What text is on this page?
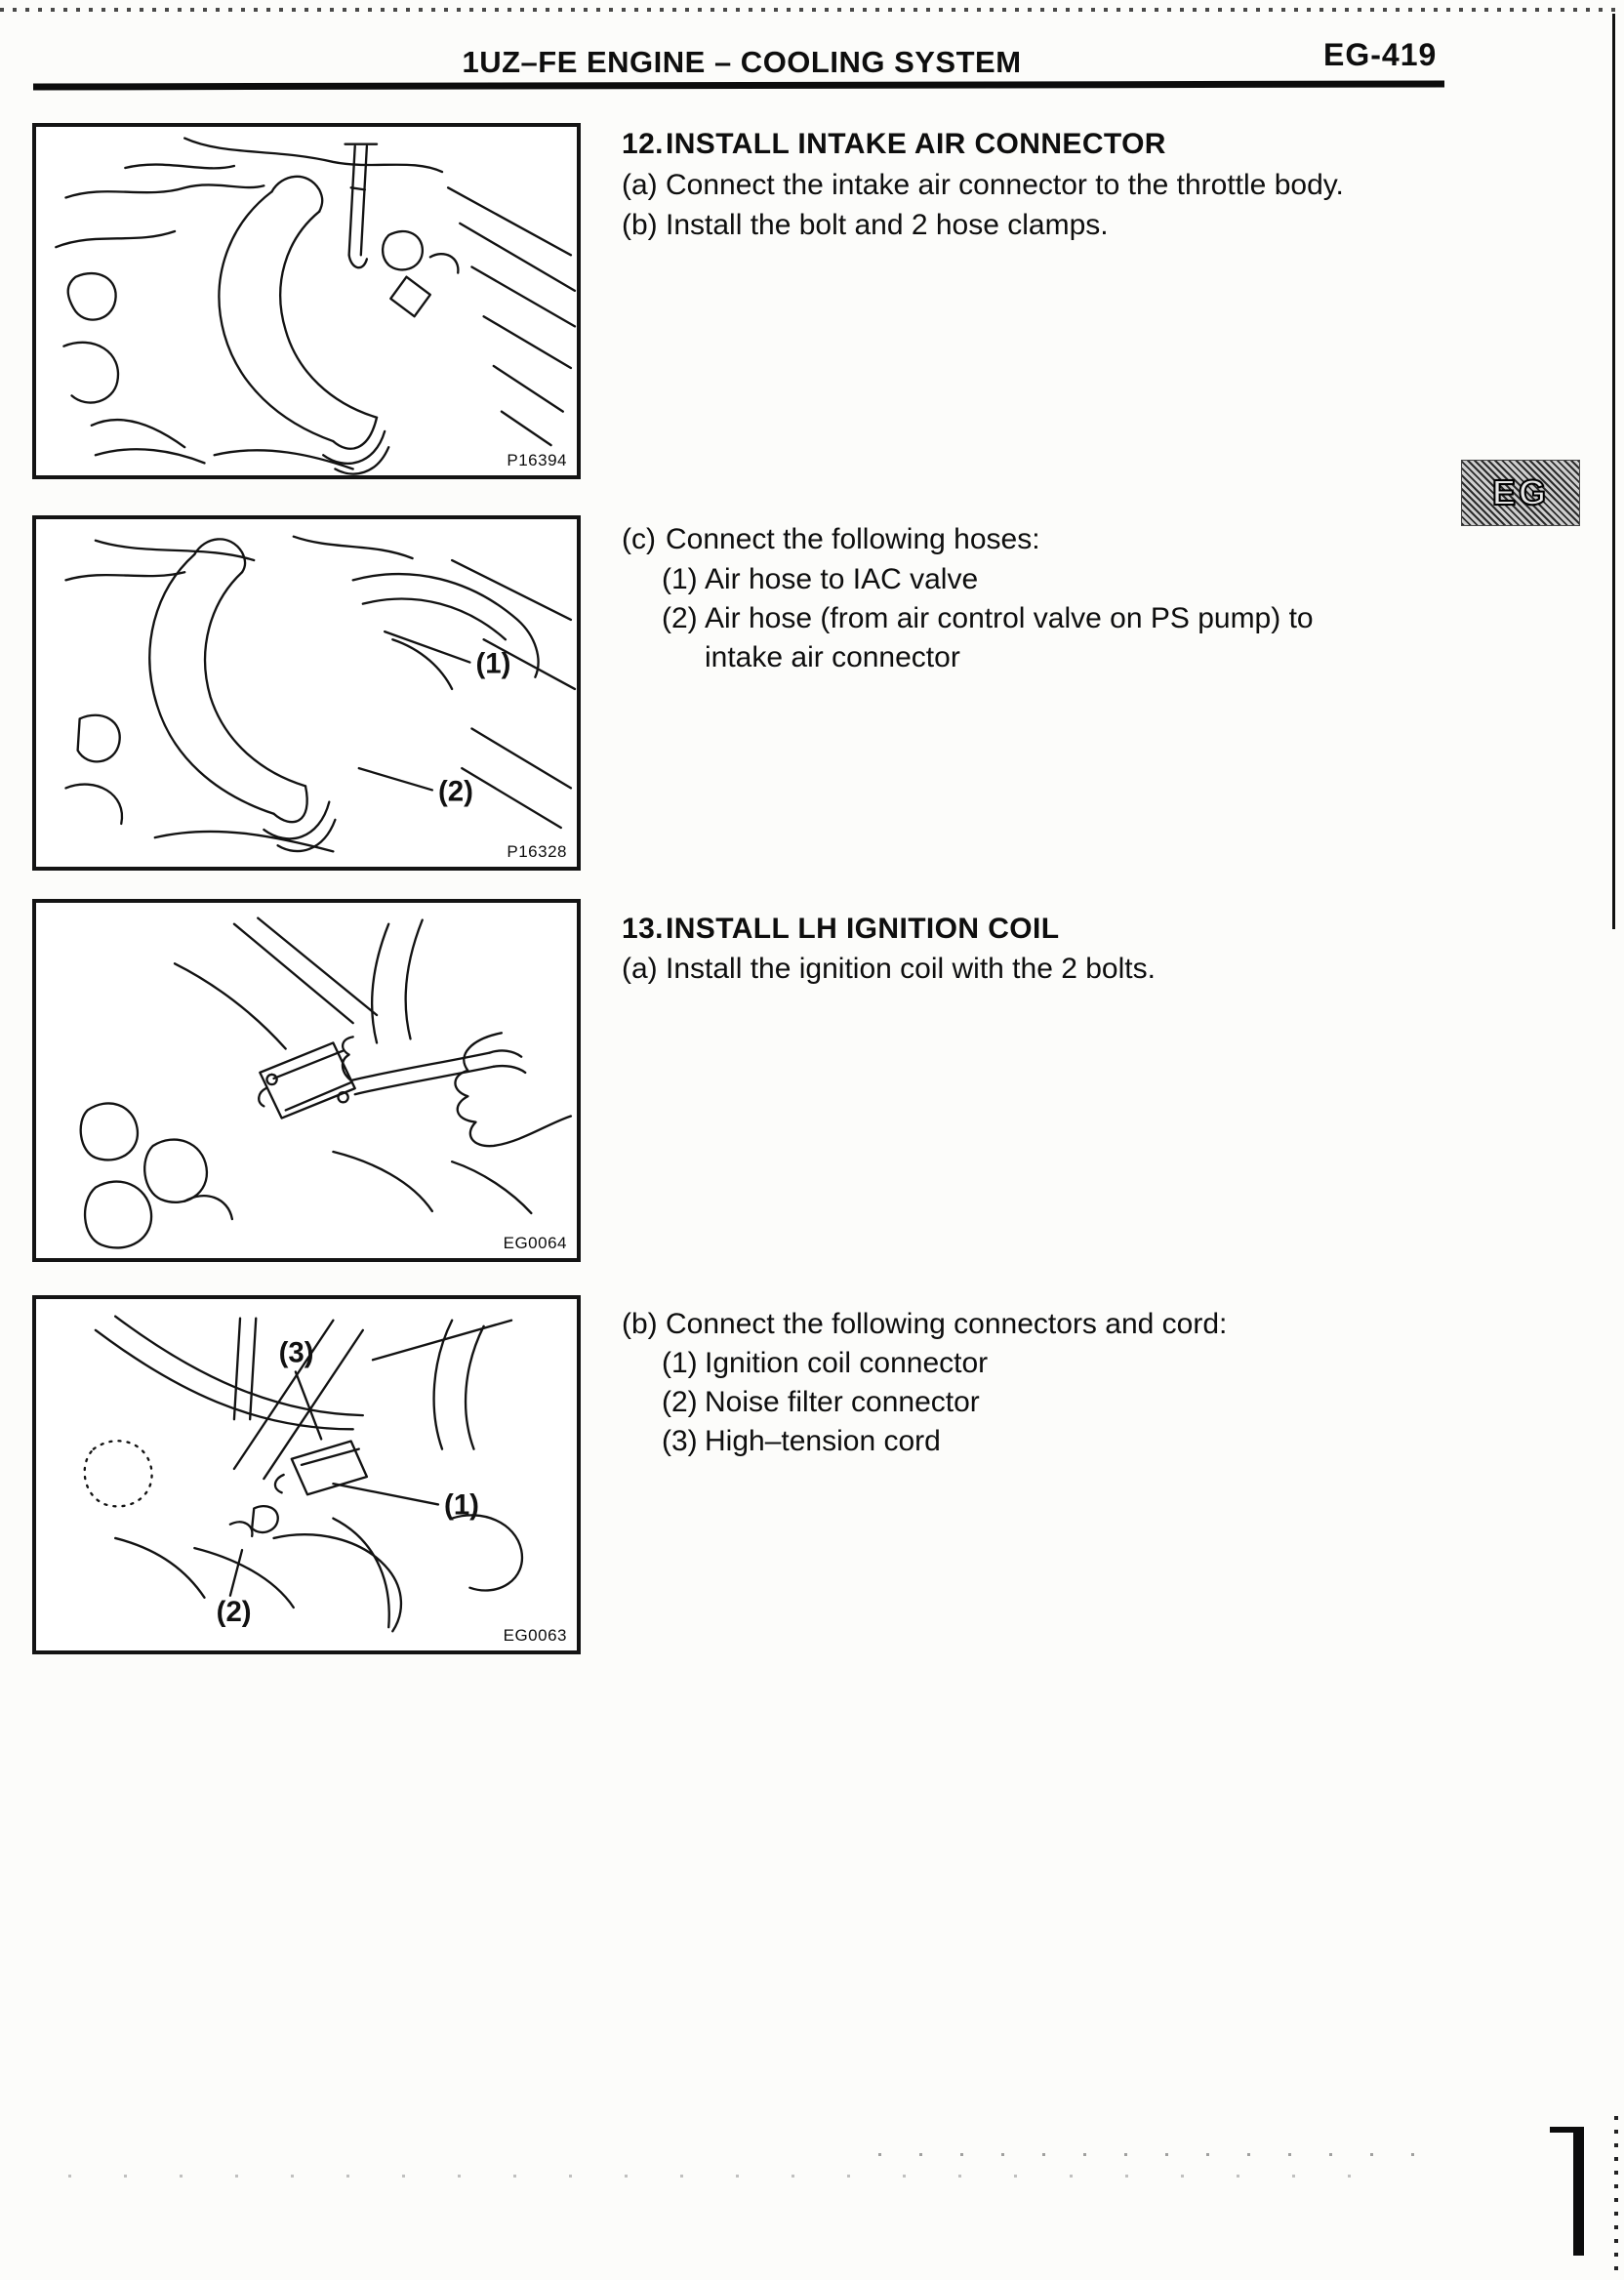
1UZ–FE ENGINE – COOLING SYSTEM	EG-419
EG
P16394
(1)
(2)
P16328
EG0064
(3)
(1)
(2)
EG0063
12. INSTALL INTAKE AIR CONNECTOR
(a) Connect the intake air connector to the throttle body.
(b) Install the bolt and 2 hose clamps.
(c) Connect the following hoses:
(1) Air hose to IAC valve
(2) Air hose (from air control valve on PS pump) to
intake air connector
13. INSTALL LH IGNITION COIL
(a) Install the ignition coil with the 2 bolts.
(b) Connect the following connectors and cord:
(1) Ignition coil connector
(2) Noise filter connector
(3) High–tension cord
